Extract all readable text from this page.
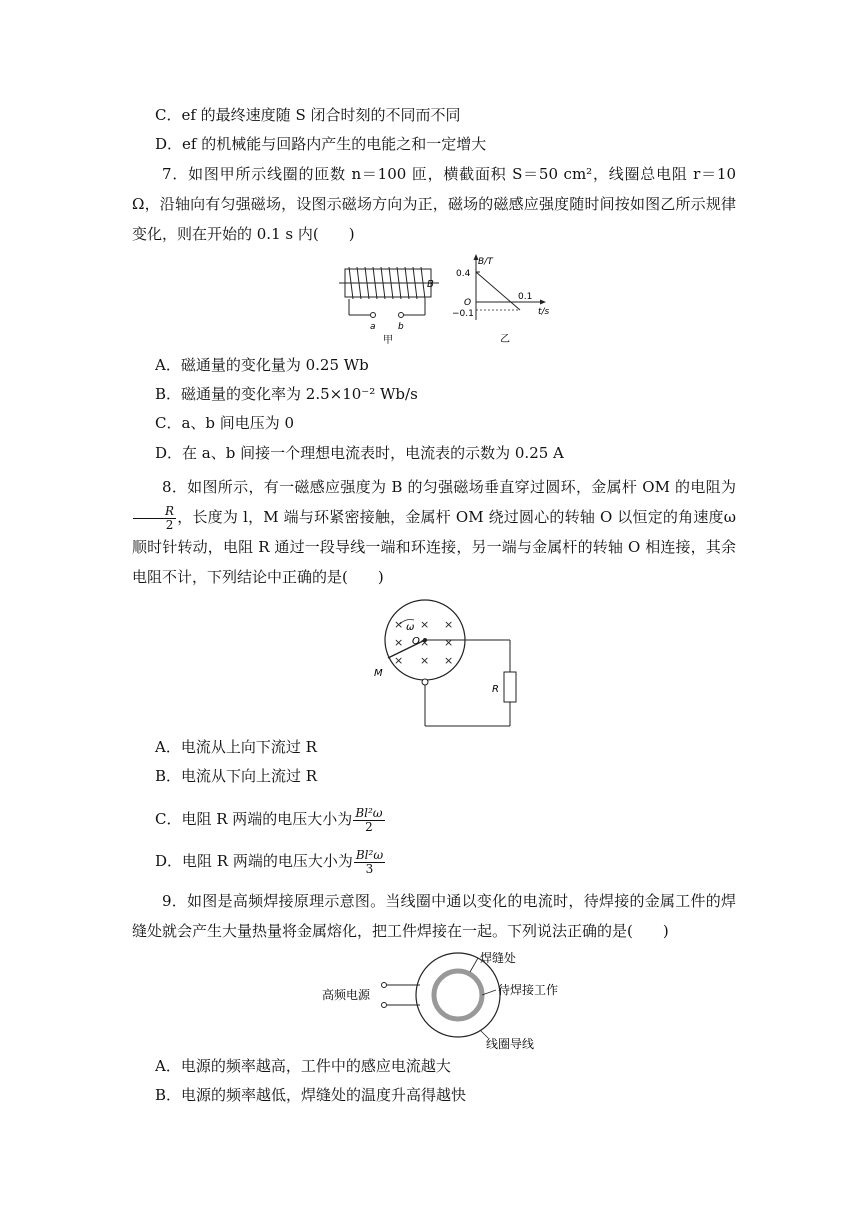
C．ef 的最终速度随 S 闭合时刻的不同而不同
D．ef 的机械能与回路内产生的电能之和一定增大
7．如图甲所示线圈的匝数 n＝100 匝，横截面积 S＝50 cm²，线圈总电阻 r＝10 Ω，沿轴向有匀强磁场，设图示磁场方向为正，磁场的磁感应强度随时间按如图乙所示规律变化，则在开始的 0.1 s 内(　　)
B
a b
甲
B/T
0.4
O
−0.1
0.1
t/s
乙
A．磁通量的变化量为 0.25 Wb
B．磁通量的变化率为 2.5×10⁻² Wb/s
C．a、b 间电压为 0
D．在 a、b 间接一个理想电流表时，电流表的示数为 0.25 A
8．如图所示，有一磁感应强度为 B 的匀强磁场垂直穿过圆环，金属杆 OM 的电阻为
$\frac{R}{2}$ ，长度为 l，M 端与环紧密接触，金属杆 OM 绕过圆心的转轴 O 以恒定的角速度ω顺时针转动，电阻 R 通过一段导线一端和环连接，另一端与金属杆的转轴 O 相连接，其余电阻不计，下列结论中正确的是(　　)
× × ×
× × ×
× × ×
ω
O
M
R
A．电流从上向下流过 R
B．电流从下向上流过 R
C．电阻 R 两端的电压大小为 $\frac{\text{Bl²ω}}{2}$
D．电阻 R 两端的电压大小为 $\frac{\text{Bl²ω}}{3}$
9．如图是高频焊接原理示意图。当线圈中通以变化的电流时，待焊接的金属工件的焊缝处就会产生大量热量将金属熔化，把工件焊接在一起。下列说法正确的是(　　)
高频电源
焊缝处
待焊接工作
线圈导线
A．电源的频率越高，工件中的感应电流越大
B．电源的频率越低，焊缝处的温度升高得越快
